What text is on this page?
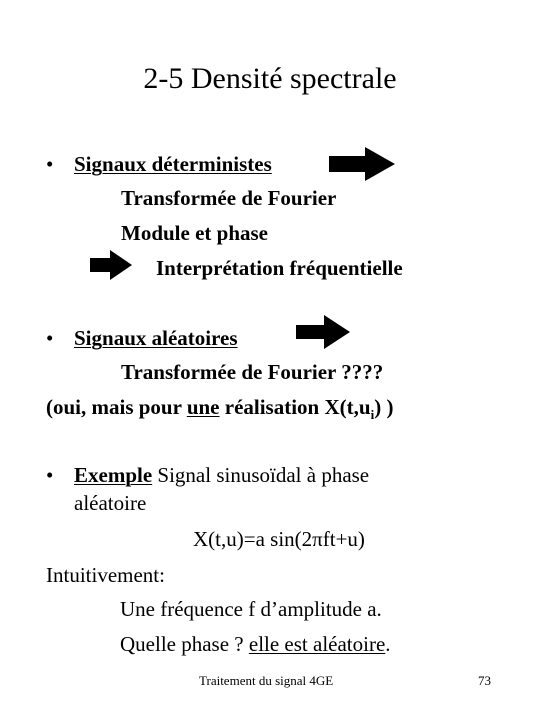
2-5 Densité spectrale
• Signaux déterministes
Transformée de Fourier
Module et phase
Interprétation fréquentielle
• Signaux aléatoires
Transformée de Fourier ????
(oui, mais pour une réalisation $X(t,u_i)$ )
• Exemple Signal sinusoïdal à phase
aléatoire
X(t,u)=a sin(2πft+u)
Intuitivement:
Une fréquence f d’amplitude a.
Quelle phase ? elle est aléatoire.
Traitement du signal 4GE	73
